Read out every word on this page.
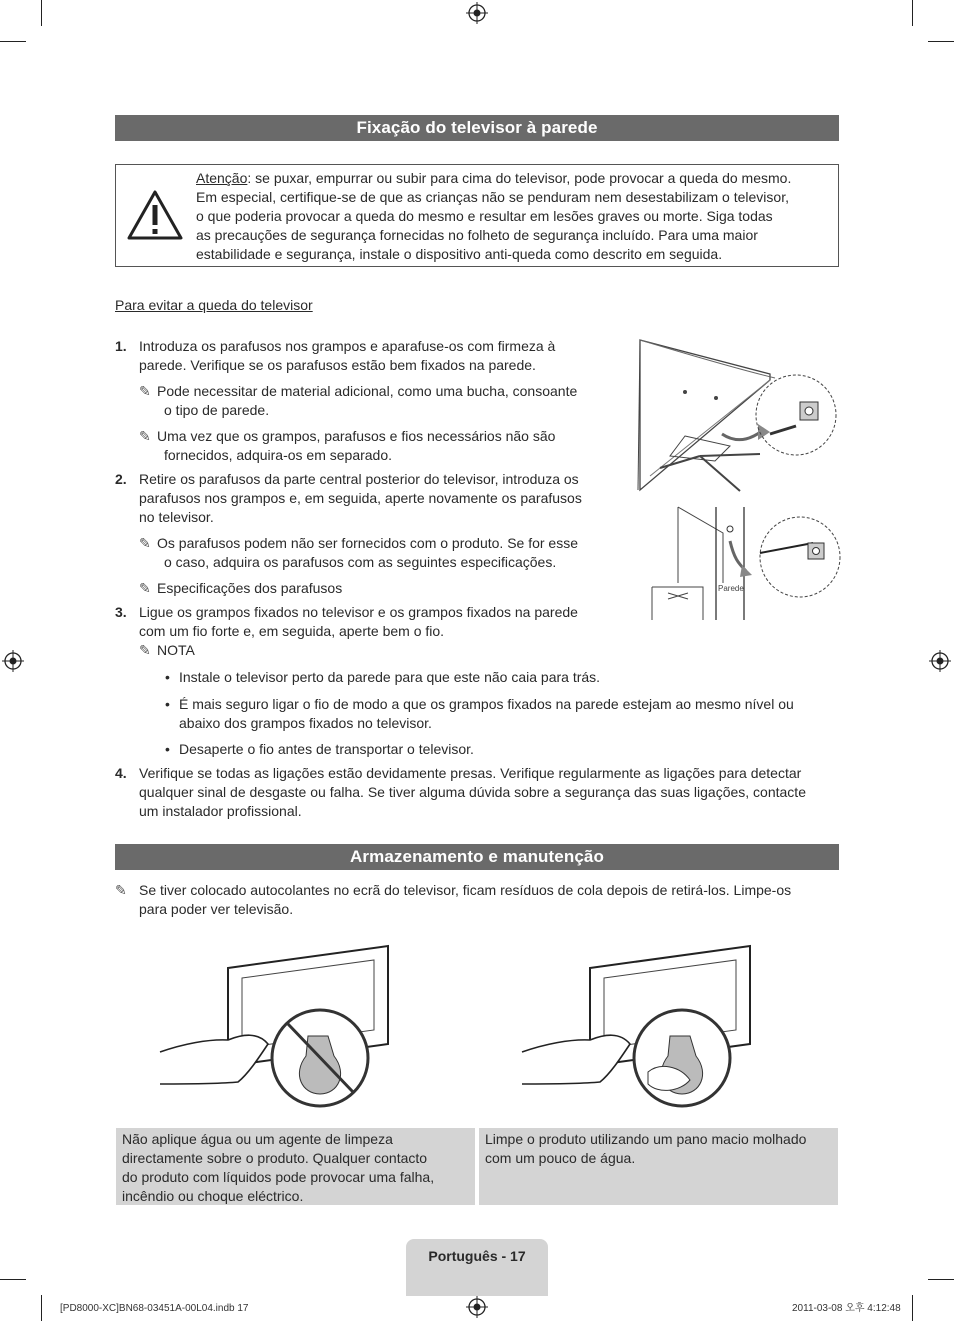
Fixação do televisor à parede
Atenção: se puxar, empurrar ou subir para cima do televisor, pode provocar a queda do mesmo.
Em especial, certifique-se de que as crianças não se penduram nem desestabilizam o televisor,
o que poderia provocar a queda do mesmo e resultar em lesões graves ou morte. Siga todas
as precauções de segurança fornecidas no folheto de segurança incluído. Para uma maior
estabilidade e segurança, instale o dispositivo anti-queda como descrito em seguida.
Para evitar a queda do televisor
1. Introduza os parafusos nos grampos e aparafuse-os com firmeza à
parede. Verifique se os parafusos estão bem fixados na parede.
✎ Pode necessitar de material adicional, como uma bucha, consoante
o tipo de parede.
✎ Uma vez que os grampos, parafusos e fios necessários não são
fornecidos, adquira-os em separado.
2. Retire os parafusos da parte central posterior do televisor, introduza os
parafusos nos grampos e, em seguida, aperte novamente os parafusos
no televisor.
✎ Os parafusos podem não ser fornecidos com o produto. Se for esse
o caso, adquira os parafusos com as seguintes especificações.
✎ Especificações dos parafusos
3. Ligue os grampos fixados no televisor e os grampos fixados na parede
com um fio forte e, em seguida, aperte bem o fio.
✎ NOTA
• Instale o televisor perto da parede para que este não caia para trás.
• É mais seguro ligar o fio de modo a que os grampos fixados na parede estejam ao mesmo nível ou
abaixo dos grampos fixados no televisor.
• Desaperte o fio antes de transportar o televisor.
4. Verifique se todas as ligações estão devidamente presas. Verifique regularmente as ligações para detectar
qualquer sinal de desgaste ou falha. Se tiver alguma dúvida sobre a segurança das suas ligações, contacte
um instalador profissional.
Parede
Armazenamento e manutenção
✎ Se tiver colocado autocolantes no ecrã do televisor, ficam resíduos de cola depois de retirá-los. Limpe-os
para poder ver televisão.
Não aplique água ou um agente de limpeza
directamente sobre o produto. Qualquer contacto
do produto com líquidos pode provocar uma falha,
incêndio ou choque eléctrico.
Limpe o produto utilizando um pano macio molhado
com um pouco de água.
Português - 17
[PD8000-XC]BN68-03451A-00L04.indb 17	2011-03-08 오후 4:12:48
